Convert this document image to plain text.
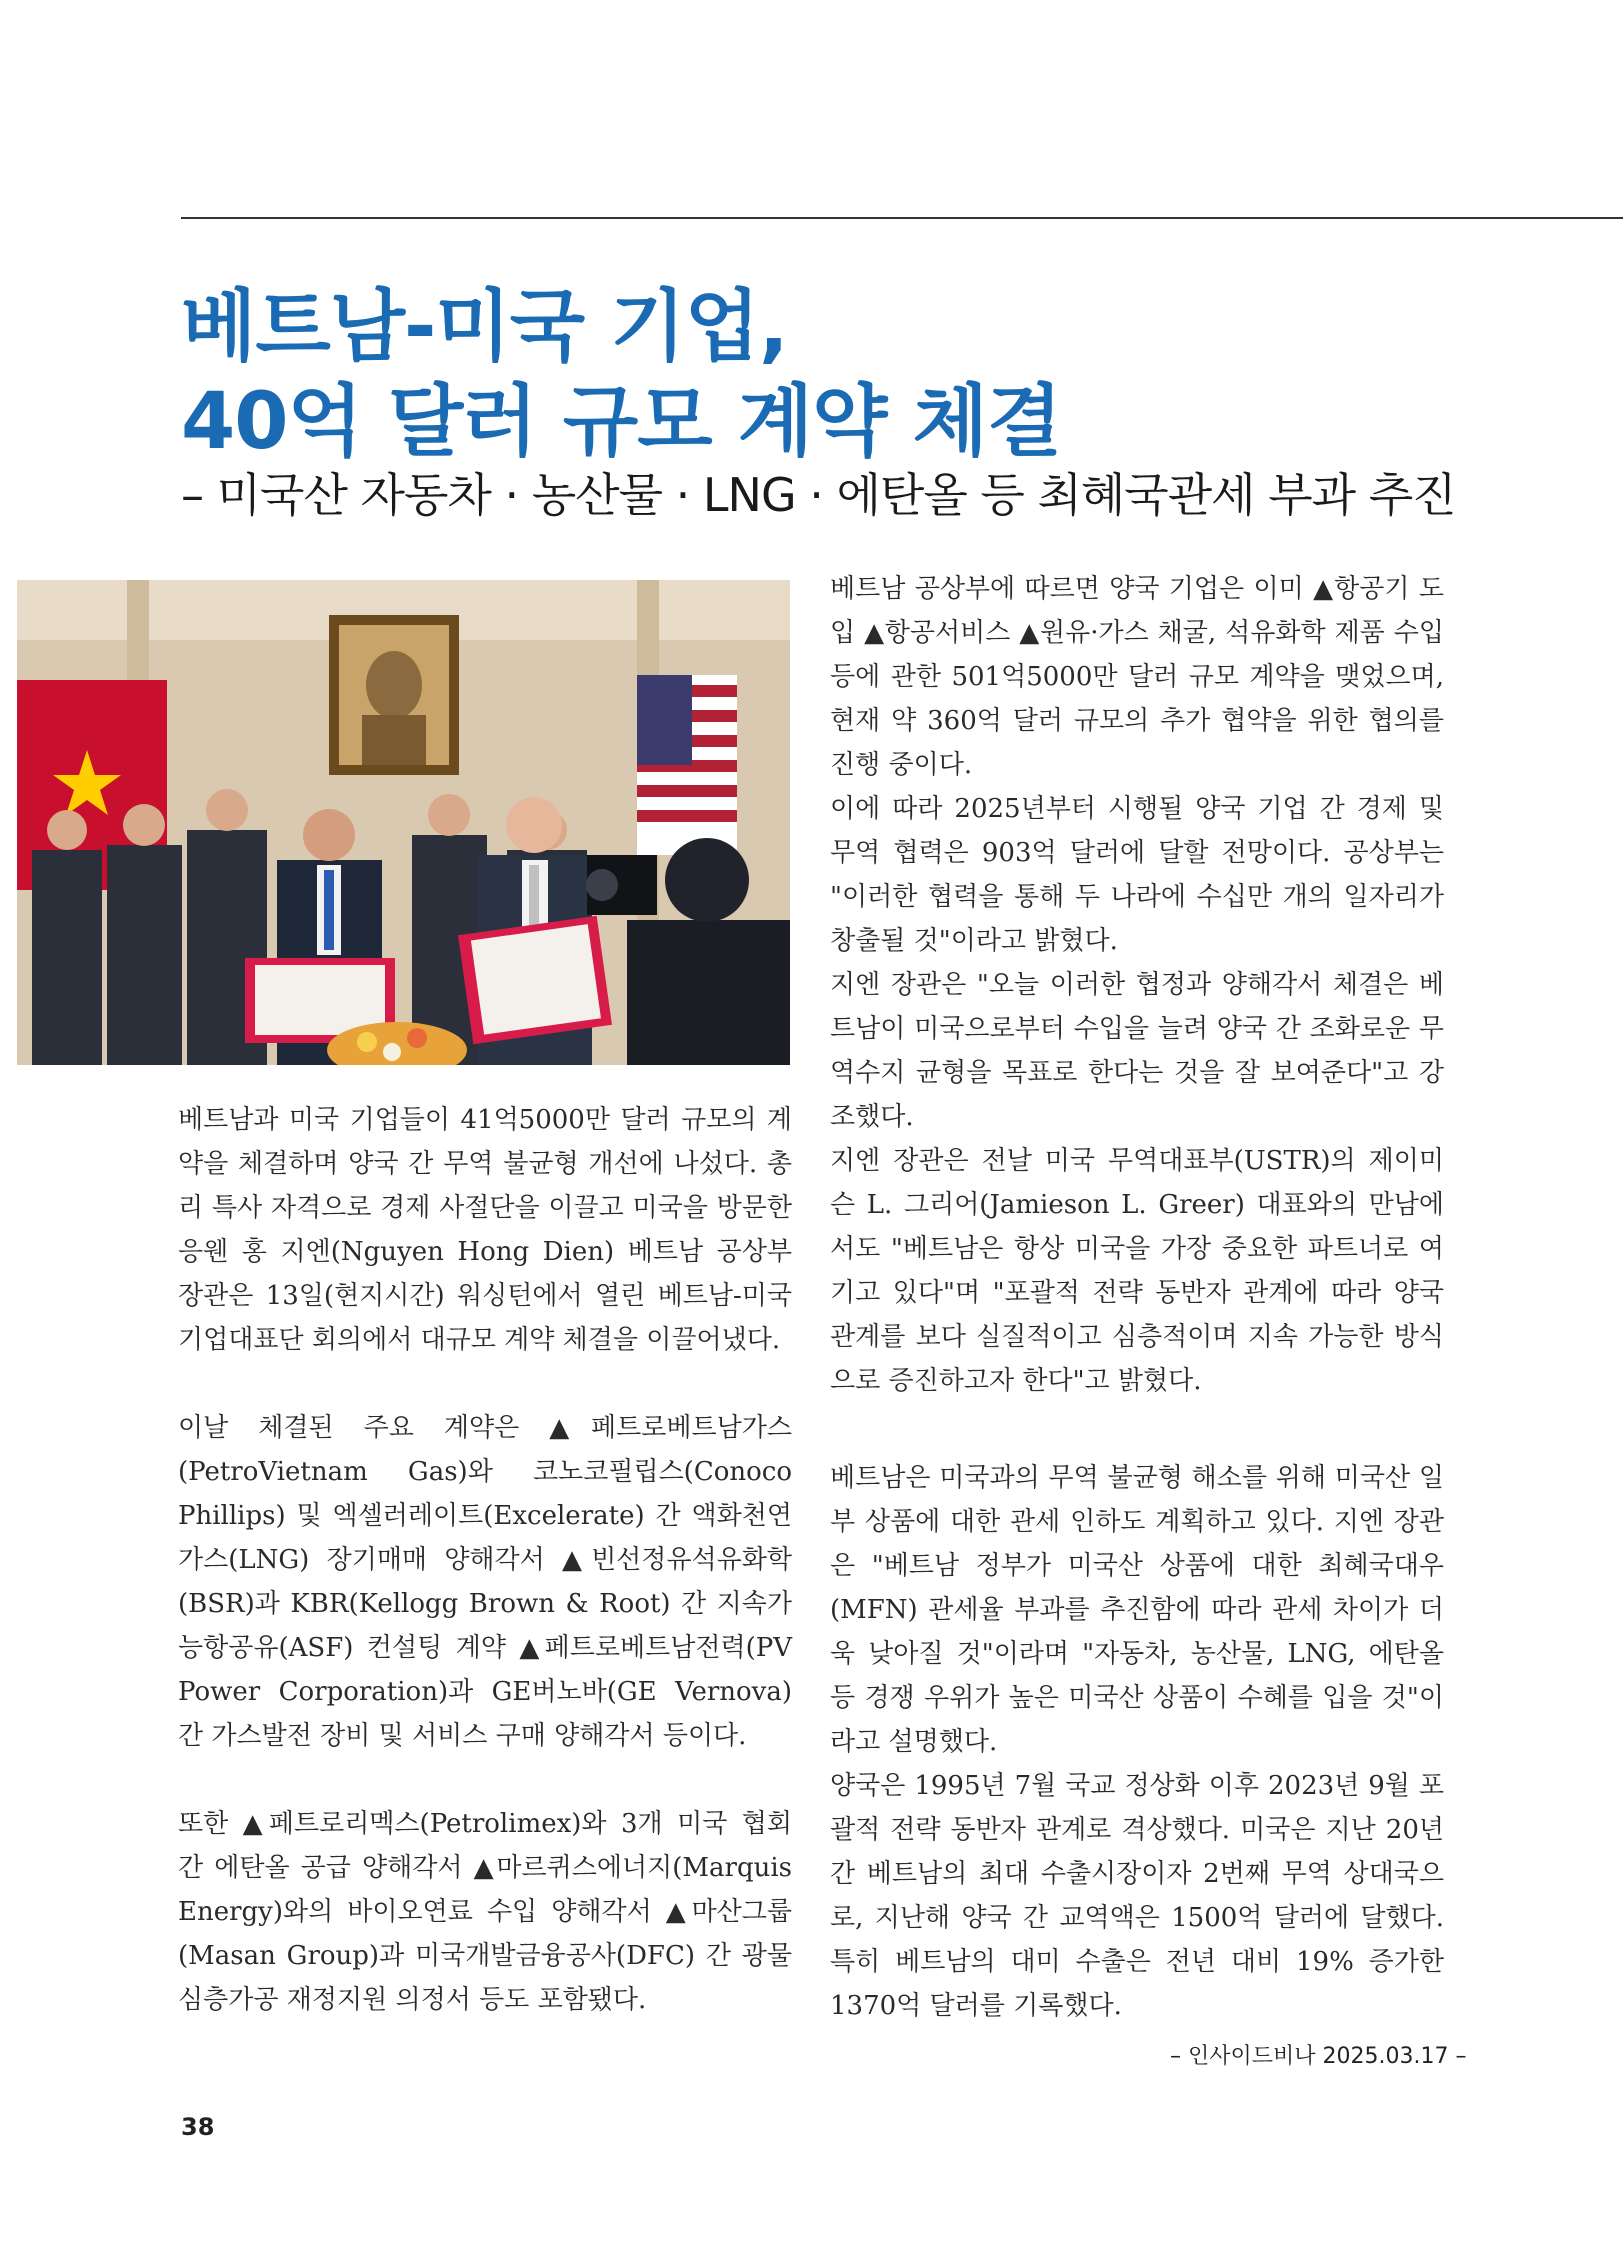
베트남-미국 기업,
40억 달러 규모 계약 체결
– 미국산 자동차 · 농산물 · LNG · 에탄올 등 최혜국관세 부과 추진

베트남과 미국 기업들이 41억5000만 달러 규모의 계약을 체결하며 양국 간 무역 불균형 개선에 나섰다. 총리 특사 자격으로 경제 사절단을 이끌고 미국을 방문한 응웬 홍 지엔(Nguyen Hong Dien) 베트남 공상부 장관은 13일(현지시간) 워싱턴에서 열린 베트남-미국 기업대표단 회의에서 대규모 계약 체결을 이끌어냈다.

이날 체결된 주요 계약은 ▲페트로베트남가스(PetroVietnam Gas)와 코노코필립스(Conoco Phillips) 및 엑셀러레이트(Excelerate) 간 액화천연가스(LNG) 장기매매 양해각서 ▲빈선정유석유화학(BSR)과 KBR(Kellogg Brown & Root) 간 지속가능항공유(ASF) 컨설팅 계약 ▲페트로베트남전력(PV Power Corporation)과 GE버노바(GE Vernova) 간 가스발전 장비 및 서비스 구매 양해각서 등이다.

또한 ▲페트로리멕스(Petrolimex)와 3개 미국 협회 간 에탄올 공급 양해각서 ▲마르퀴스에너지(Marquis Energy)와의 바이오연료 수입 양해각서 ▲마산그룹(Masan Group)과 미국개발금융공사(DFC) 간 광물 심층가공 재정지원 의정서 등도 포함됐다.

베트남 공상부에 따르면 양국 기업은 이미 ▲항공기 도입 ▲항공서비스 ▲원유·가스 채굴, 석유화학 제품 수입 등에 관한 501억5000만 달러 규모 계약을 맺었으며, 현재 약 360억 달러 규모의 추가 협약을 위한 협의를 진행 중이다.

이에 따라 2025년부터 시행될 양국 기업 간 경제 및 무역 협력은 903억 달러에 달할 전망이다. 공상부는 "이러한 협력을 통해 두 나라에 수십만 개의 일자리가 창출될 것"이라고 밝혔다.

지엔 장관은 "오늘 이러한 협정과 양해각서 체결은 베트남이 미국으로부터 수입을 늘려 양국 간 조화로운 무역수지 균형을 목표로 한다는 것을 잘 보여준다"고 강조했다.

지엔 장관은 전날 미국 무역대표부(USTR)의 제이미슨 L. 그리어(Jamieson L. Greer) 대표와의 만남에서도 "베트남은 항상 미국을 가장 중요한 파트너로 여기고 있다"며 "포괄적 전략 동반자 관계에 따라 양국 관계를 보다 실질적이고 심층적이며 지속 가능한 방식으로 증진하고자 한다"고 밝혔다.

베트남은 미국과의 무역 불균형 해소를 위해 미국산 일부 상품에 대한 관세 인하도 계획하고 있다. 지엔 장관은 "베트남 정부가 미국산 상품에 대한 최혜국대우(MFN) 관세율 부과를 추진함에 따라 관세 차이가 더욱 낮아질 것"이라며 "자동차, 농산물, LNG, 에탄올 등 경쟁 우위가 높은 미국산 상품이 수혜를 입을 것"이라고 설명했다.

양국은 1995년 7월 국교 정상화 이후 2023년 9월 포괄적 전략 동반자 관계로 격상했다. 미국은 지난 20년간 베트남의 최대 수출시장이자 2번째 무역 상대국으로, 지난해 양국 간 교역액은 1500억 달러에 달했다. 특히 베트남의 대미 수출은 전년 대비 19% 증가한 1370억 달러를 기록했다.

– 인사이드비나 2025.03.17 –
38
